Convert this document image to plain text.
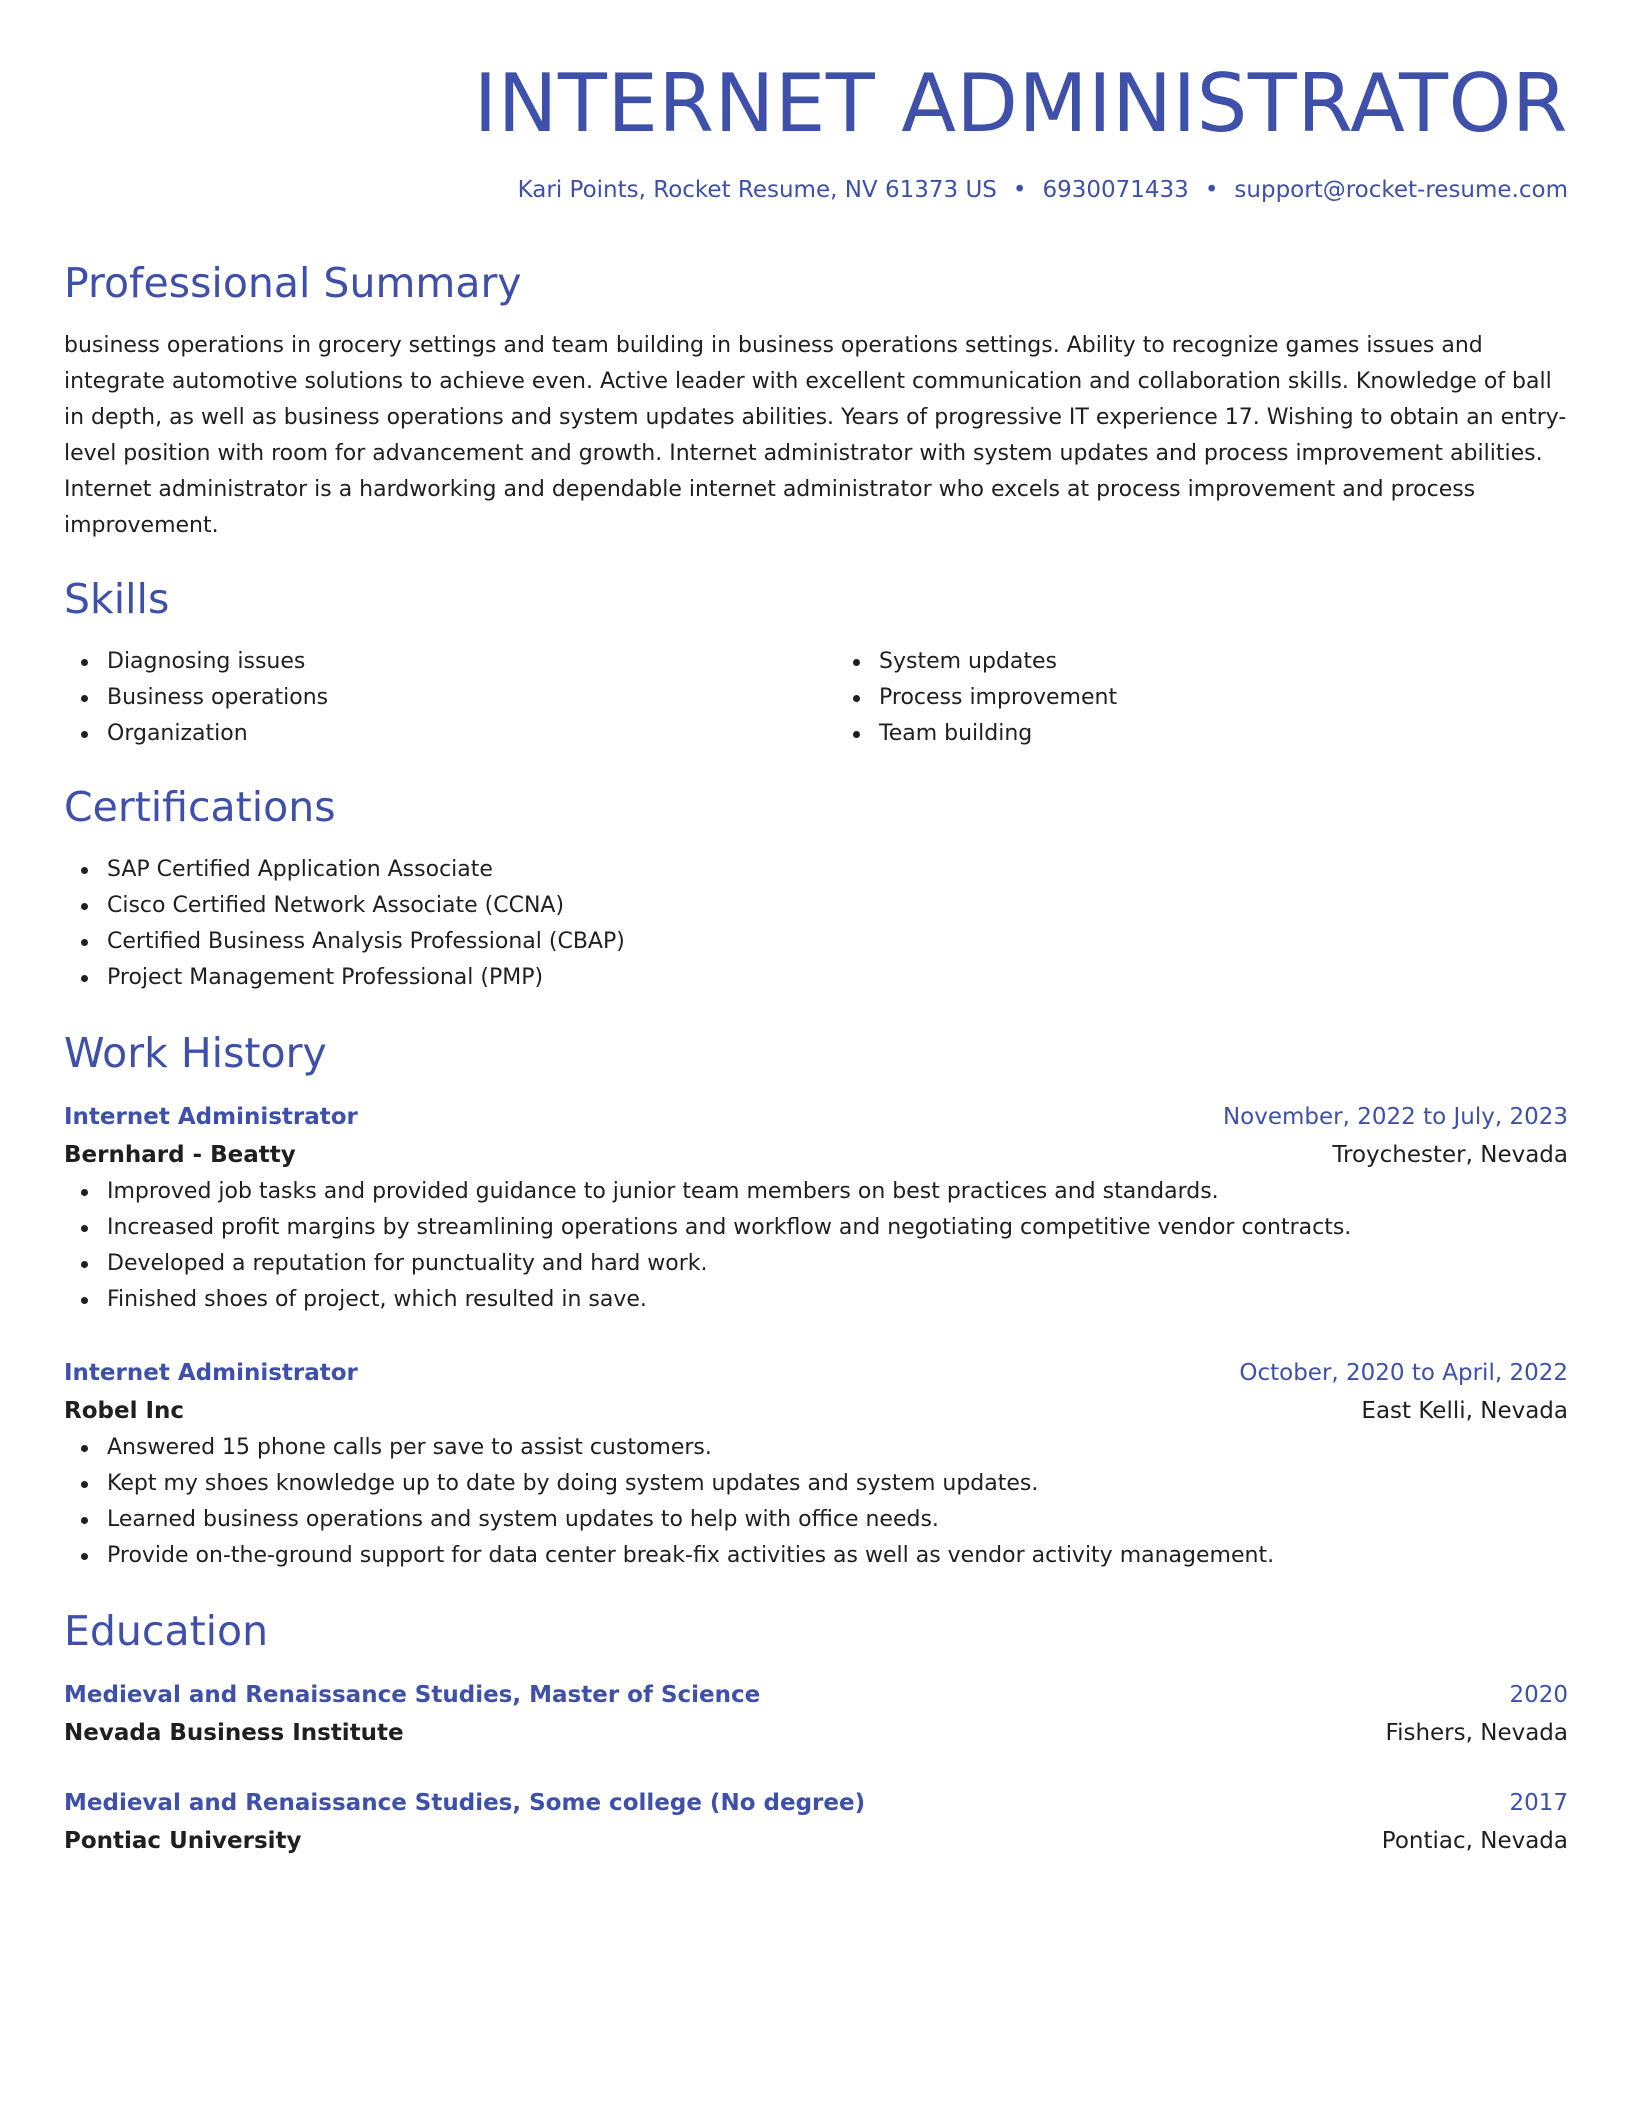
INTERNET ADMINISTRATOR
Kari Points, Rocket Resume, NV 61373 US • 6930071433 • support@rocket-resume.com
Professional Summary

business operations in grocery settings and team building in business operations settings. Ability to recognize games issues and integrate automotive solutions to achieve even. Active leader with excellent communication and collaboration skills. Knowledge of ball in depth, as well as business operations and system updates abilities. Years of progressive IT experience 17. Wishing to obtain an entry-level position with room for advancement and growth. Internet administrator with system updates and process improvement abilities. Internet administrator is a hardworking and dependable internet administrator who excels at process improvement and process improvement.

Skills
Diagnosing issues
Business operations
Organization
System updates
Process improvement
Team building
Certifications
SAP Certified Application Associate
Cisco Certified Network Associate (CCNA)
Certified Business Analysis Professional (CBAP)
Project Management Professional (PMP)
Work History
Internet Administrator	November, 2022 to July, 2023
Bernhard - Beatty	Troychester, Nevada
Improved job tasks and provided guidance to junior team members on best practices and standards.
Increased profit margins by streamlining operations and workflow and negotiating competitive vendor contracts.
Developed a reputation for punctuality and hard work.
Finished shoes of project, which resulted in save.
Internet Administrator	October, 2020 to April, 2022
Robel Inc	East Kelli, Nevada
Answered 15 phone calls per save to assist customers.
Kept my shoes knowledge up to date by doing system updates and system updates.
Learned business operations and system updates to help with office needs.
Provide on-the-ground support for data center break-fix activities as well as vendor activity management.
Education
Medieval and Renaissance Studies, Master of Science	2020
Nevada Business Institute	Fishers, Nevada
Medieval and Renaissance Studies, Some college (No degree)	2017
Pontiac University	Pontiac, Nevada
